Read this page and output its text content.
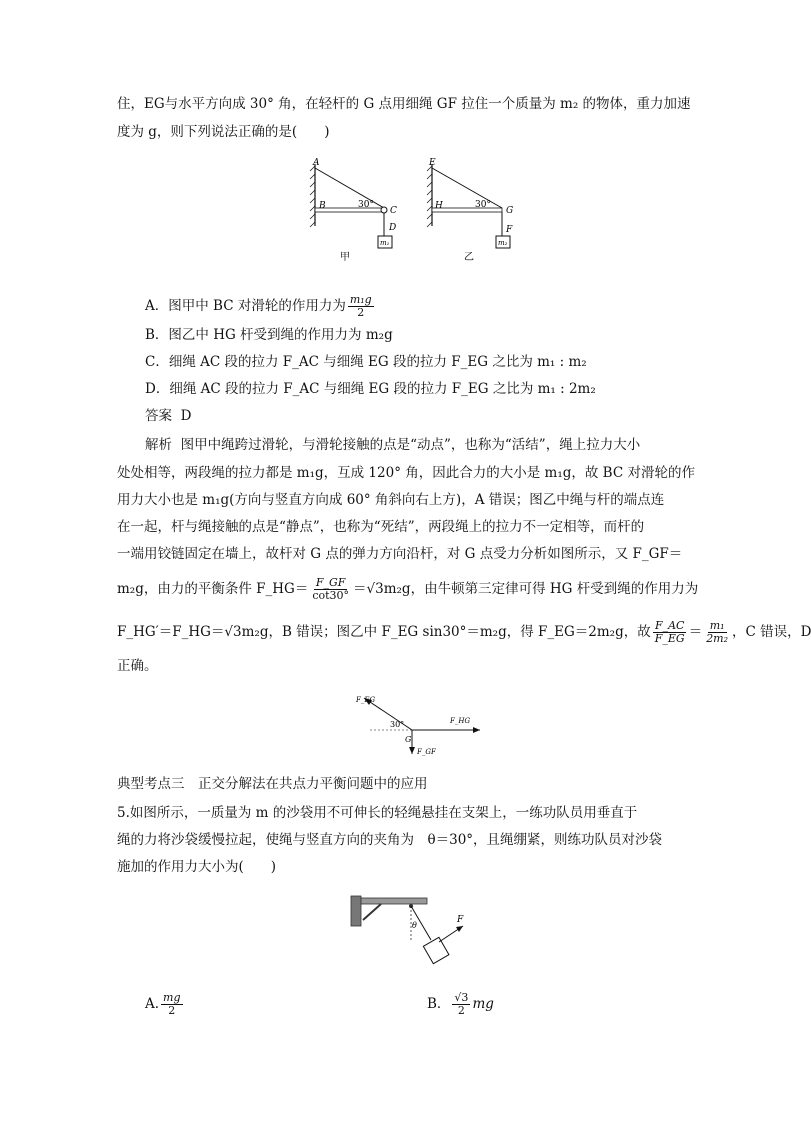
住，EG与水平方向成 30° 角，在轻杆的 G 点用细绳 GF 拉住一个质量为 m₂ 的物体，重力加速
度为 g，则下列说法正确的是(　　)
A
B	C
D
30°
m₁
甲
E
H	G
F
30°
m₂
乙
A．图甲中 BC 对滑轮的作用力为 $\frac{\text{m₁g}}{2}$
B．图乙中 HG 杆受到绳的作用力为 m₂g
C．细绳 AC 段的拉力 F_AC 与细绳 EG 段的拉力 F_EG 之比为 m₁ : m₂
D．细绳 AC 段的拉力 F_AC 与细绳 EG 段的拉力 F_EG 之比为 m₁ : 2m₂
答案 D
解析 图甲中绳跨过滑轮，与滑轮接触的点是“动点”，也称为“活结”，绳上拉力大小
处处相等，两段绳的拉力都是 m₁g，互成 120° 角，因此合力的大小是 m₁g，故 BC 对滑轮的作
用力大小也是 m₁g(方向与竖直方向成 60° 角斜向右上方)，A 错误；图乙中绳与杆的端点连
在一起，杆与绳接触的点是“静点”，也称为“死结”，两段绳上的拉力不一定相等，而杆的
一端用铰链固定在墙上，故杆对 G 点的弹力方向沿杆，对 G 点受力分析如图所示，又 F_GF＝
m₂g，由力的平衡条件 F_HG＝ $\frac{F\_GF}{\cot 30^\circ} =√3m_2g$，由牛顿第三定律可得 HG 杆受到绳的作用力为
F_HG′＝F_HG＝√3m₂g，B 错误；图乙中 F_EG sin30°＝m₂g，得 F_EG＝2m₂g，故 $\frac{F\_AC}{F\_EG} = \frac{\text{m₁}}{\text{2m₂}}$ ，C 错误，D
正确。
F_EG
F_HG
F_GF
G
30°
典型考点三　正交分解法在共点力平衡问题中的应用
5.如图所示，一质量为 m 的沙袋用不可伸长的轻绳悬挂在支架上，一练功队员用垂直于
绳的力将沙袋缓慢拉起，使绳与竖直方向的夹角为　θ＝30°，且绳绷紧，则练功队员对沙袋
施加的作用力大小为(　　)
θ
F
A. $\frac{mg}{2}$	B． $\frac{√3}{2}$ mg
